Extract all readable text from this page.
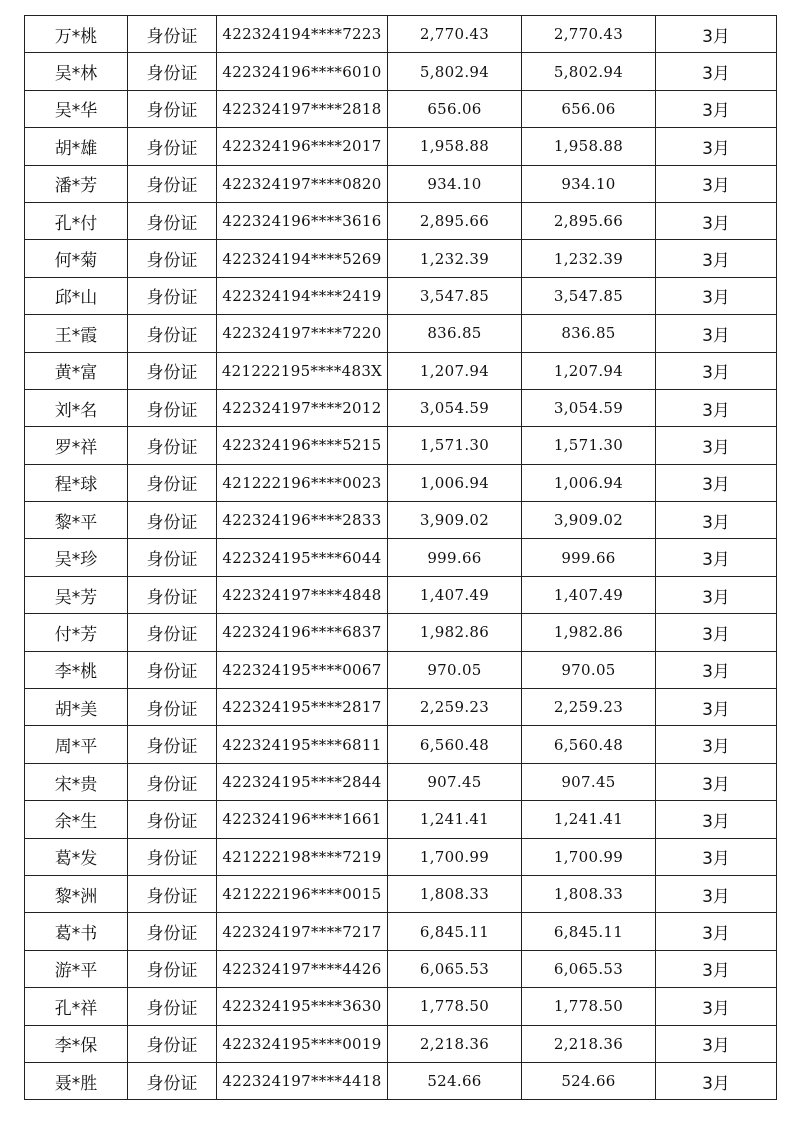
万*桃	身份证	422324194****7223	2,770.43	2,770.43	3月
吴*林	身份证	422324196****6010	5,802.94	5,802.94	3月
吴*华	身份证	422324197****2818	656.06	656.06	3月
胡*雄	身份证	422324196****2017	1,958.88	1,958.88	3月
潘*芳	身份证	422324197****0820	934.10	934.10	3月
孔*付	身份证	422324196****3616	2,895.66	2,895.66	3月
何*菊	身份证	422324194****5269	1,232.39	1,232.39	3月
邱*山	身份证	422324194****2419	3,547.85	3,547.85	3月
王*霞	身份证	422324197****7220	836.85	836.85	3月
黄*富	身份证	421222195****483X	1,207.94	1,207.94	3月
刘*名	身份证	422324197****2012	3,054.59	3,054.59	3月
罗*祥	身份证	422324196****5215	1,571.30	1,571.30	3月
程*球	身份证	421222196****0023	1,006.94	1,006.94	3月
黎*平	身份证	422324196****2833	3,909.02	3,909.02	3月
吴*珍	身份证	422324195****6044	999.66	999.66	3月
吴*芳	身份证	422324197****4848	1,407.49	1,407.49	3月
付*芳	身份证	422324196****6837	1,982.86	1,982.86	3月
李*桃	身份证	422324195****0067	970.05	970.05	3月
胡*美	身份证	422324195****2817	2,259.23	2,259.23	3月
周*平	身份证	422324195****6811	6,560.48	6,560.48	3月
宋*贵	身份证	422324195****2844	907.45	907.45	3月
余*生	身份证	422324196****1661	1,241.41	1,241.41	3月
葛*发	身份证	421222198****7219	1,700.99	1,700.99	3月
黎*洲	身份证	421222196****0015	1,808.33	1,808.33	3月
葛*书	身份证	422324197****7217	6,845.11	6,845.11	3月
游*平	身份证	422324197****4426	6,065.53	6,065.53	3月
孔*祥	身份证	422324195****3630	1,778.50	1,778.50	3月
李*保	身份证	422324195****0019	2,218.36	2,218.36	3月
聂*胜	身份证	422324197****4418	524.66	524.66	3月
